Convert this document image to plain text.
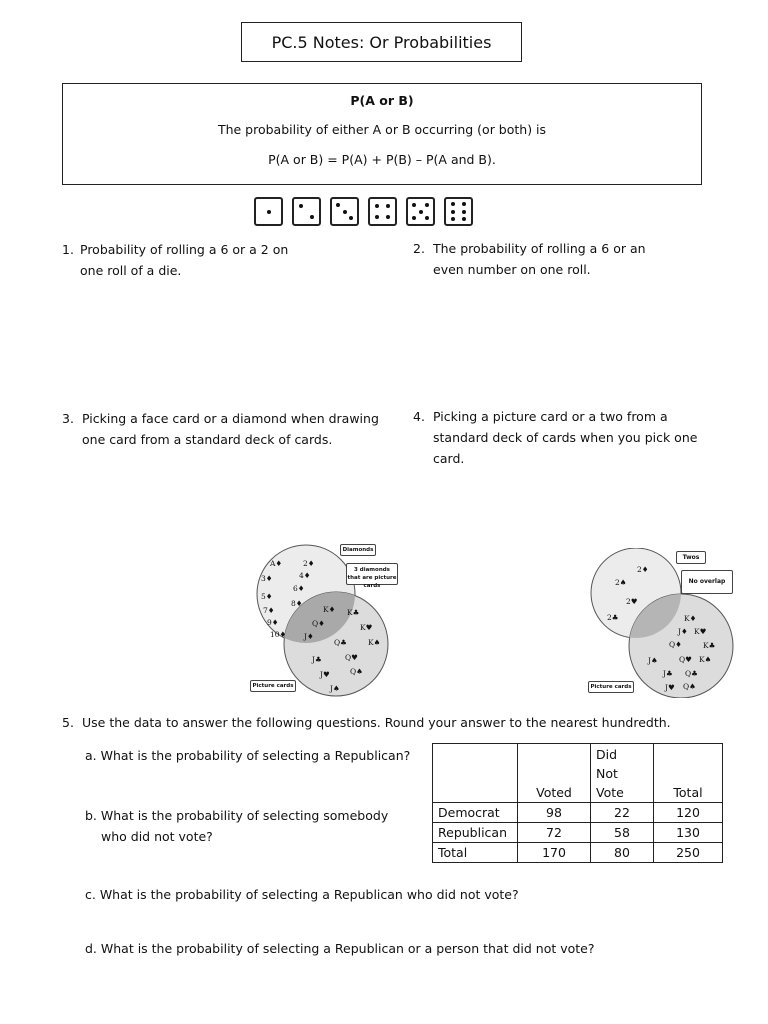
PC.5 Notes: Or Probabilities
P(A or B)
The probability of either A or B occurring (or both) is
P(A or B) = P(A) + P(B) – P(A and B).
1. Probability of rolling a 6 or a 2 on
one roll of a die.
2. The probability of rolling a 6 or an
even number on one roll.
3. Picking a face card or a diamond when drawing
one card from a standard deck of cards.
4. Picking a picture card or a two from a
standard deck of cards when you pick one
card.
A♦	2♦
3♦	4♦
6♦
5♦
7♦
8♦
9♦
10♦
K♦
Q♦
J♦
K♣
K♥
Q♣	K♠
J♣	Q♥
J♥	Q♠
J♠
Diamonds
3 diamonds that are picture cards
Picture cards
2♦
2♠
2♥
2♣	K♦
J♦ K♥
Q♦	K♣
J♠	Q♥ K♠
Q♣
J♣
J♥ Q♠
Twos
No overlap
Picture cards
5. Use the data to answer the following questions. Round your answer to the nearest hundredth.
a. What is the probability of selecting a Republican?
b. What is the probability of selecting somebody
who did not vote?
c. What is the probability of selecting a Republican who did not vote?
d. What is the probability of selecting a Republican or a person that did not vote?
	Voted	Did
Not
Vote	Total
Democrat	98	22	120
Republican	72	58	130
Total	170	80	250
